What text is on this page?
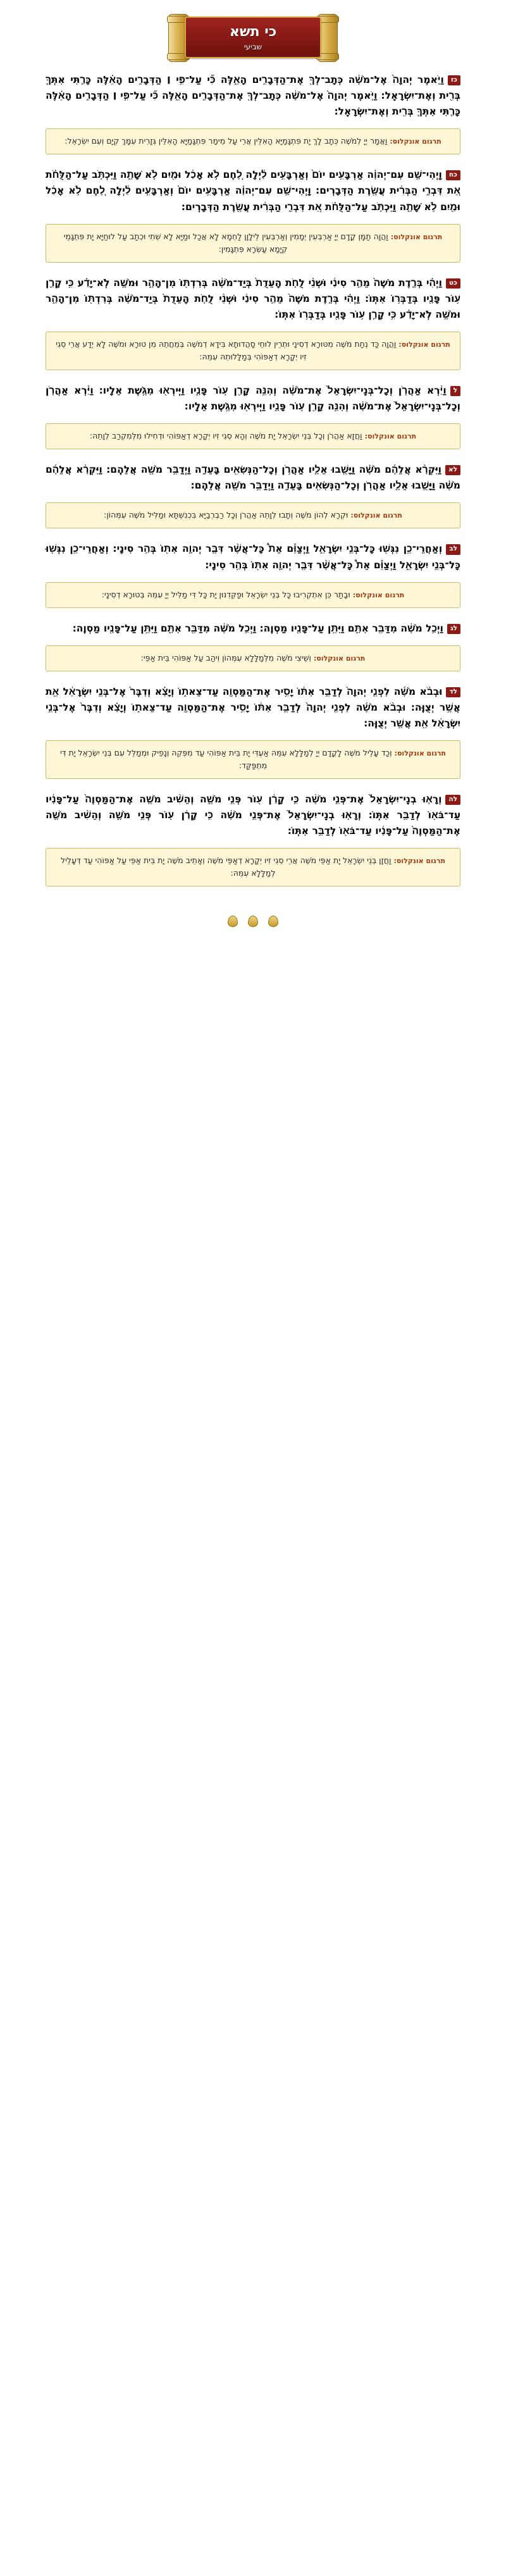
כי תשא
שביעי

כזוַיֹּ֤אמֶר יְהוָה֙ אֶל־מֹשֶׁ֔ה כְּתָב־לְךָ֖ אֶת־הַדְּבָרִ֣ים הָאֵ֑לֶּה כִּ֞י עַל־פִּ֣י ׀ הַדְּבָרִ֣ים הָאֵ֗לֶּה כָּרַ֧תִּי אִתְּךָ֛ בְּרִ֖ית וְאֶת־יִשְׂרָאֵֽל: וַיֹּ֤אמֶר יְהוָה֙ אֶל־מֹשֶׁ֔ה כְּתָב־לְךָ֖ אֶת־הַדְּבָרִ֣ים הָאֵ֑לֶּה כִּ֞י עַל־פִּ֣י ׀ הַדְּבָרִ֣ים הָאֵ֗לֶּה כָּרַ֧תִּי אִתְּךָ֛ בְּרִ֖ית וְאֶת־יִשְׂרָאֵֽל:

תרגום אונקלוס:וַאֲמַר יְיָ לְמֹשֶׁה כְּתָב לָךְ יָת פִּתְגָּמַיָּא הָאִלֵּין אֲרֵי עַל מֵימַר פִּתְגָּמַיָּא הָאִלֵּין גְּזָרִית עִמָּךְ קְיָם וְעִם יִשְׂרָאֵל:

כחוַֽיְהִי־שָׁ֣ם עִם־יְהוָ֗ה אַרְבָּעִ֥ים יוֹם֙ וְאַרְבָּעִ֣ים לַ֔יְלָה לֶ֚חֶם לֹ֣א אָכַ֔ל וּמַ֖יִם לֹ֣א שָׁתָ֑ה וַיִּכְתֹּ֣ב עַל־הַלֻּחֹ֗ת אֵ֚ת דִּבְרֵ֣י הַבְּרִ֔ית עֲשֶׂ֖רֶת הַדְּבָרִֽים: וַֽיְהִי־שָׁ֣ם עִם־יְהוָ֗ה אַרְבָּעִ֥ים יוֹם֙ וְאַרְבָּעִ֣ים לַ֔יְלָה לֶ֚חֶם לֹ֣א אָכַ֔ל וּמַ֖יִם לֹ֣א שָׁתָ֑ה וַיִּכְתֹּ֣ב עַל־הַלֻּחֹ֗ת אֵ֚ת דִּבְרֵ֣י הַבְּרִ֔ית עֲשֶׂ֖רֶת הַדְּבָרִֽים:

תרגום אונקלוס:וַהֲוָה תַמָּן קֳדָם יְיָ אַרְבְּעִין יְמָמִין וְאַרְבְּעִין לֵילָוָן לַחְמָא לָא אֲכַל וּמַיָּא לָא שְׁתִי וּכְתַב עַל לוּחַיָּא יָת פִּתְגָּמֵי קְיָמָא עַשְׂרָא פִּתְגָּמִין:

כטוַיְהִ֗י בְּרֶ֤דֶת מֹשֶׁה֙ מֵהַ֣ר סִינַ֔י וּשְׁנֵ֨י לֻחֹ֤ת הָֽעֵדֻת֙ בְּיַד־מֹשֶׁ֔ה בְּרִדְתּ֖וֹ מִן־הָהָ֑ר וּמֹשֶׁ֣ה לֹֽא־יָדַ֗ע כִּ֥י קָרַ֛ן ע֥וֹר פָּנָ֖יו בְּדַבְּר֥וֹ אִתּֽוֹ: וַיְהִ֗י בְּרֶ֤דֶת מֹשֶׁה֙ מֵהַ֣ר סִינַ֔י וּשְׁנֵ֨י לֻחֹ֤ת הָֽעֵדֻת֙ בְּיַד־מֹשֶׁ֔ה בְּרִדְתּ֖וֹ מִן־הָהָ֑ר וּמֹשֶׁ֣ה לֹֽא־יָדַ֗ע כִּ֥י קָרַ֛ן ע֥וֹר פָּנָ֖יו בְּדַבְּר֥וֹ אִתּֽוֹ:

תרגום אונקלוס:וַהֲוָה כַּד נְחַת מֹשֶׁה מִטּוּרָא דְסִינַי וּתְרֵין לוּחֵי סַהֲדוּתָא בִּידָא דְמֹשֶׁה בְּמֵחֲתֵהּ מִן טוּרָא וּמֹשֶׁה לָא יְדַע אֲרֵי סְגִי זִיו יְקָרָא דְאַפּוֹהִי בְּמַלָּלוּתֵהּ עִמֵּהּ:

לוַיַּ֨רְא אַהֲרֹ֤ן וְכָל־בְּנֵֽי־יִשְׂרָאֵל֙ אֶת־מֹשֶׁ֔ה וְהִנֵּ֥ה קָרַ֖ן ע֣וֹר פָּנָ֑יו וַיִּֽירְא֖וּ מִגֶּ֥שֶׁת אֵלָֽיו: וַיַּ֨רְא אַהֲרֹ֤ן וְכָל־בְּנֵֽי־יִשְׂרָאֵל֙ אֶת־מֹשֶׁ֔ה וְהִנֵּ֥ה קָרַ֖ן ע֣וֹר פָּנָ֑יו וַיִּֽירְא֖וּ מִגֶּ֥שֶׁת אֵלָֽיו:

תרגום אונקלוס:וַחֲזָא אַהֲרֹן וְכָל בְּנֵי יִשְׂרָאֵל יָת מֹשֶׁה וְהָא סְגִי זִיו יְקָרָא דְאַפּוֹהִי וּדְחִילוּ מִלְּמִקְרַב לְוָתֵהּ:

לאוַיִּקְרָ֨א אֲלֵהֶ֜ם מֹשֶׁ֗ה וַיָּשֻׁ֧בוּ אֵלָ֛יו אַהֲרֹ֥ן וְכָל־הַנְּשִׂאִ֖ים בָּעֵדָ֑ה וַיְדַבֵּ֥ר מֹשֶׁ֖ה אֲלֵהֶֽם: וַיִּקְרָ֨א אֲלֵהֶ֜ם מֹשֶׁ֗ה וַיָּשֻׁ֧בוּ אֵלָ֛יו אַהֲרֹ֥ן וְכָל־הַנְּשִׂאִ֖ים בָּעֵדָ֑ה וַיְדַבֵּ֥ר מֹשֶׁ֖ה אֲלֵהֶֽם:

תרגום אונקלוס:וּקְרָא לְהוֹן מֹשֶׁה וְתָבוּ לְוָתֵהּ אַהֲרֹן וְכָל רַבְרְבַיָּא בִּכְנִשְׁתָּא וּמַלִּיל מֹשֶׁה עִמְּהוֹן:

לבוְאַחֲרֵי־כֵ֥ן נִגְּשׁ֖וּ כָּל־בְּנֵ֣י יִשְׂרָאֵ֑ל וַיְצַוֵּ֕ם אֵת֩ כָּל־אֲשֶׁ֨ר דִּבֶּ֧ר יְהוָ֛ה אִתּ֖וֹ בְּהַ֥ר סִינָֽי: וְאַחֲרֵי־כֵ֥ן נִגְּשׁ֖וּ כָּל־בְּנֵ֣י יִשְׂרָאֵ֑ל וַיְצַוֵּ֕ם אֵת֩ כָּל־אֲשֶׁ֨ר דִּבֶּ֧ר יְהוָ֛ה אִתּ֖וֹ בְּהַ֥ר סִינָֽי:

תרגום אונקלוס:וּבָתַר כֵּן אִתְקְרִיבוּ כָּל בְּנֵי יִשְׂרָאֵל וּפַקֵּדִנּוּן יָת כָּל דִּי מַלִּיל יְיָ עִמֵּהּ בְּטוּרָא דְסִינָי:

לגוַיְכַ֣ל מֹשֶׁ֔ה מִדַּבֵּ֖ר אִתָּ֑ם וַיִּתֵּ֥ן עַל־פָּנָ֖יו מַסְוֶֽה: וַיְכַ֣ל מֹשֶׁ֔ה מִדַּבֵּ֖ר אִתָּ֑ם וַיִּתֵּ֥ן עַל־פָּנָ֖יו מַסְוֶֽה:

תרגום אונקלוס:וְשֵׁיצִי מֹשֶׁה מִלְּמַלָּלָא עִמְּהוֹן וִיהַב עַל אַפּוֹהִי בֵּית אַפֵּי:

לדוּבְבֹ֨א מֹשֶׁ֜ה לִפְנֵ֤י יְהוָה֙ לְדַבֵּ֣ר אִתּ֔וֹ יָסִ֥יר אֶת־הַמַּסְוֶ֖ה עַד־צֵאת֑וֹ וְיָצָ֗א וְדִבֶּר֙ אֶל־בְּנֵ֣י יִשְׂרָאֵ֔ל אֵ֖ת אֲשֶׁ֥ר יְצֻוֶּֽה: וּבְבֹ֨א מֹשֶׁ֜ה לִפְנֵ֤י יְהוָה֙ לְדַבֵּ֣ר אִתּ֔וֹ יָסִ֥יר אֶת־הַמַּסְוֶ֖ה עַד־צֵאת֑וֹ וְיָצָ֗א וְדִבֶּר֙ אֶל־בְּנֵ֣י יִשְׂרָאֵ֔ל אֵ֖ת אֲשֶׁ֥ר יְצֻוֶּֽה:

תרגום אונקלוס:וְכַד עָלֵיל מֹשֶׁה לָקֳדָם יְיָ לְמַלָּלָא עִמֵּהּ אַעְדִּי יָת בֵּית אַפּוֹהִי עַד מִפְּקֵהּ וְנָפֵיק וּמְמַלֵּל עִם בְּנֵי יִשְׂרָאֵל יָת דִּי מִתְפַּקַּד:

להוְרָא֤וּ בְנֵֽי־יִשְׂרָאֵל֙ אֶת־פְּנֵ֣י מֹשֶׁ֔ה כִּ֣י קָרַ֔ן ע֖וֹר פְּנֵ֣י מֹשֶׁ֑ה וְהֵשִׁ֨יב מֹשֶׁ֤ה אֶת־הַמַּסְוֶה֙ עַל־פָּנָ֔יו עַד־בֹּא֖וֹ לְדַבֵּ֥ר אִתּֽוֹ: וְרָא֤וּ בְנֵֽי־יִשְׂרָאֵל֙ אֶת־פְּנֵ֣י מֹשֶׁ֔ה כִּ֣י קָרַ֔ן ע֖וֹר פְּנֵ֣י מֹשֶׁ֑ה וְהֵשִׁ֨יב מֹשֶׁ֤ה אֶת־הַמַּסְוֶה֙ עַל־פָּנָ֔יו עַד־בֹּא֖וֹ לְדַבֵּ֥ר אִתּֽוֹ:

תרגום אונקלוס:וַחֲזָן בְּנֵי יִשְׂרָאֵל יָת אַפֵּי מֹשֶׁה אֲרֵי סְגִי זִיו יְקָרָא דְאַפֵּי מֹשֶׁה וְאָתֵיב מֹשֶׁה יָת בֵּית אַפֵּי עַל אַפּוֹהִי עַד דְּעָלֵיל לְמַלָּלָא עִמֵּהּ:
